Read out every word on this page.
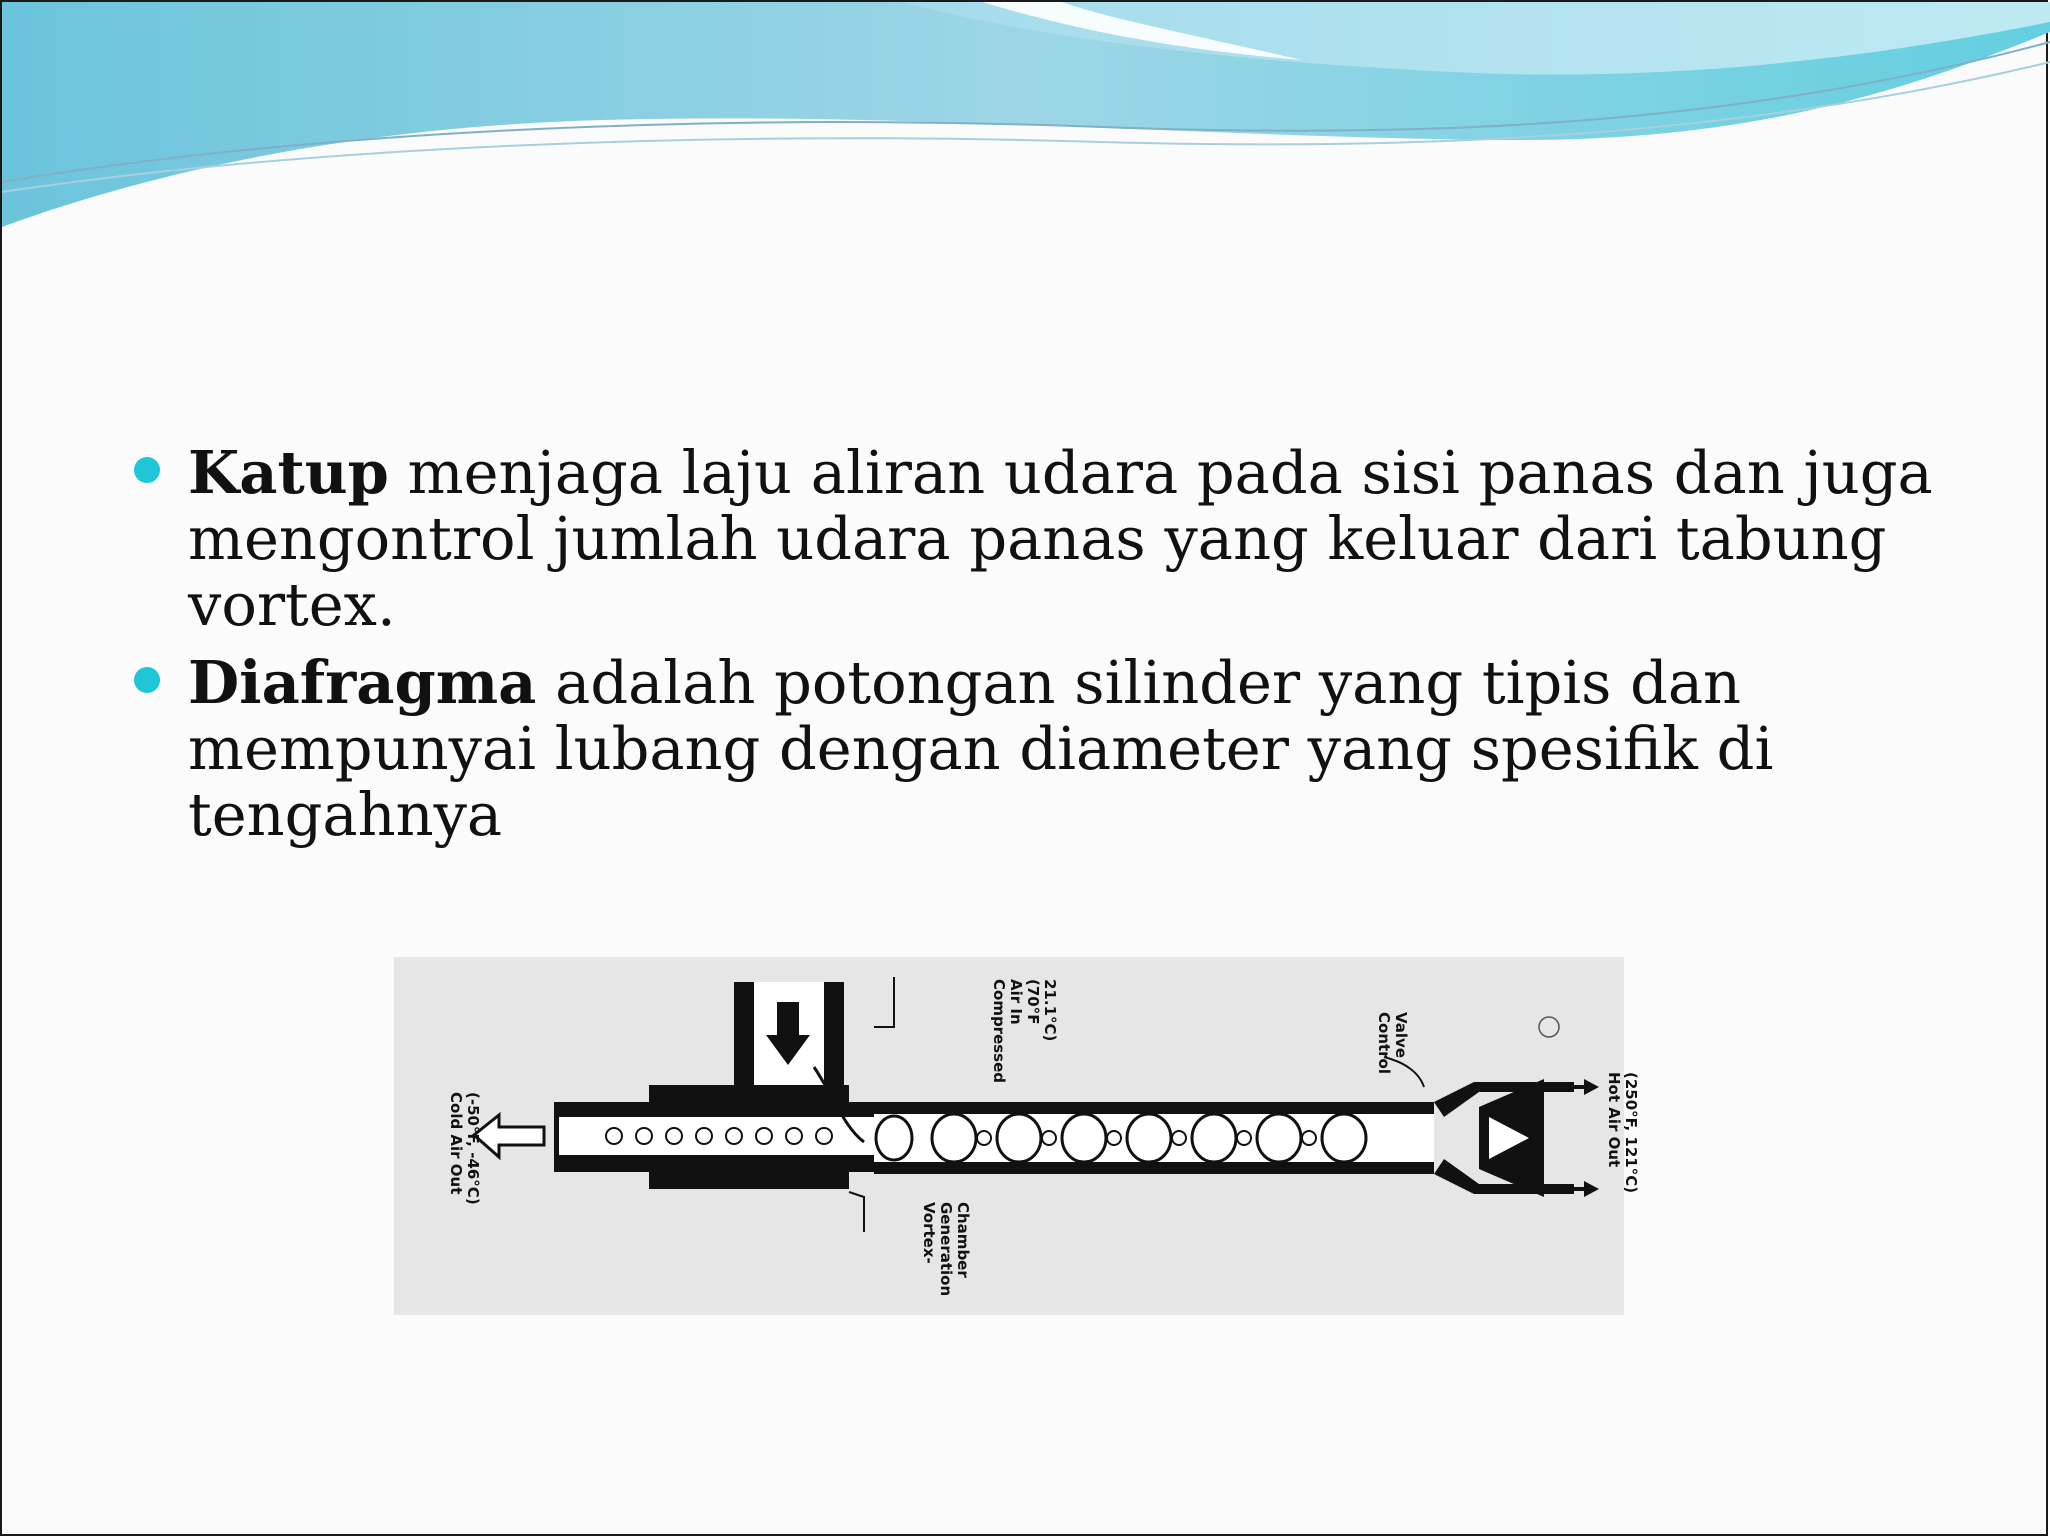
Katup menjaga laju aliran udara pada sisi panas dan juga mengontrol jumlah udara panas yang keluar dari tabung vortex.
Diafragma adalah potongan silinder yang tipis dan mempunyai lubang dengan diameter yang spesifik di tengahnya
Compressed Air In (70°F 21.1°C)
Control Valve
Cold Air Out (-50°F, -46°C)	Hot Air Out (250°F, 121°C)
Vortex- Generation Chamber
